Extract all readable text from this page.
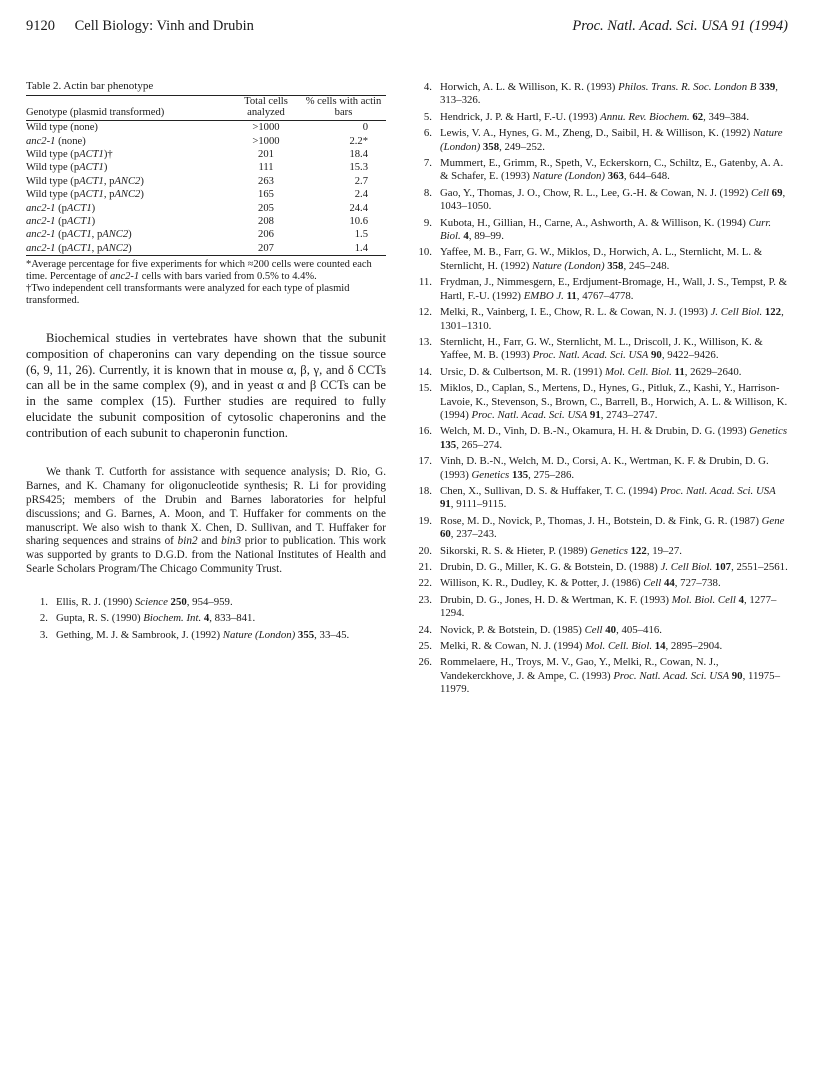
9120 Cell Biology: Vinh and Drubin	Proc. Natl. Acad. Sci. USA 91 (1994)
Table 2. Actin bar phenotype
Genotype (plasmid transformed)	Total cells analyzed	% cells with actin bars
Wild type (none)	>1000	0
anc2-1 (none)	>1000	2.2*
Wild type (pACT1)†	201	18.4
Wild type (pACT1)	111	15.3
Wild type (pACT1, pANC2)	263	2.7
Wild type (pACT1, pANC2)	165	2.4
anc2-1 (pACT1)	205	24.4
anc2-1 (pACT1)	208	10.6
anc2-1 (pACT1, pANC2)	206	1.5
anc2-1 (pACT1, pANC2)	207	1.4

*Average percentage for five experiments for which ≈200 cells were counted each time. Percentage of anc2-1 cells with bars varied from 0.5% to 4.4%.

†Two independent cell transformants were analyzed for each type of plasmid transformed.

Biochemical studies in vertebrates have shown that the subunit composition of chaperonins can vary depending on the tissue source (6, 9, 11, 26). Currently, it is known that in mouse α, β, γ, and δ CCTs can all be in the same complex (9), and in yeast α and β CCTs can be in the same complex (15). Further studies are required to fully elucidate the subunit composition of cytosolic chaperonins and the contribution of each subunit to chaperonin function.

We thank T. Cutforth for assistance with sequence analysis; D. Rio, G. Barnes, and K. Chamany for oligonucleotide synthesis; R. Li for providing pRS425; members of the Drubin and Barnes laboratories for helpful discussions; and G. Barnes, A. Moon, and T. Huffaker for comments on the manuscript. We also wish to thank X. Chen, D. Sullivan, and T. Huffaker for sharing sequences and strains of bin2 and bin3 prior to publication. This work was supported by grants to D.G.D. from the National Institutes of Health and Searle Scholars Program/The Chicago Community Trust.

1. Ellis, R. J. (1990) Science 250, 954–959.
2. Gupta, R. S. (1990) Biochem. Int. 4, 833–841.
3. Gething, M. J. & Sambrook, J. (1992) Nature (London) 355, 33–45.
4. Horwich, A. L. & Willison, K. R. (1993) Philos. Trans. R. Soc. London B 339, 313–326.
5. Hendrick, J. P. & Hartl, F.-U. (1993) Annu. Rev. Biochem. 62, 349–384.
6. Lewis, V. A., Hynes, G. M., Zheng, D., Saibil, H. & Willison, K. (1992) Nature (London) 358, 249–252.
7. Mummert, E., Grimm, R., Speth, V., Eckerskorn, C., Schiltz, E., Gatenby, A. A. & Schafer, E. (1993) Nature (London) 363, 644–648.
8. Gao, Y., Thomas, J. O., Chow, R. L., Lee, G.-H. & Cowan, N. J. (1992) Cell 69, 1043–1050.
9. Kubota, H., Gillian, H., Carne, A., Ashworth, A. & Willison, K. (1994) Curr. Biol. 4, 89–99.
10. Yaffee, M. B., Farr, G. W., Miklos, D., Horwich, A. L., Sternlicht, M. L. & Sternlicht, H. (1992) Nature (London) 358, 245–248.
11. Frydman, J., Nimmesgern, E., Erdjument-Bromage, H., Wall, J. S., Tempst, P. & Hartl, F.-U. (1992) EMBO J. 11, 4767–4778.
12. Melki, R., Vainberg, I. E., Chow, R. L. & Cowan, N. J. (1993) J. Cell Biol. 122, 1301–1310.
13. Sternlicht, H., Farr, G. W., Sternlicht, M. L., Driscoll, J. K., Willison, K. & Yaffee, M. B. (1993) Proc. Natl. Acad. Sci. USA 90, 9422–9426.
14. Ursic, D. & Culbertson, M. R. (1991) Mol. Cell. Biol. 11, 2629–2640.
15. Miklos, D., Caplan, S., Mertens, D., Hynes, G., Pitluk, Z., Kashi, Y., Harrison-Lavoie, K., Stevenson, S., Brown, C., Barrell, B., Horwich, A. L. & Willison, K. (1994) Proc. Natl. Acad. Sci. USA 91, 2743–2747.
16. Welch, M. D., Vinh, D. B.-N., Okamura, H. H. & Drubin, D. G. (1993) Genetics 135, 265–274.
17. Vinh, D. B.-N., Welch, M. D., Corsi, A. K., Wertman, K. F. & Drubin, D. G. (1993) Genetics 135, 275–286.
18. Chen, X., Sullivan, D. S. & Huffaker, T. C. (1994) Proc. Natl. Acad. Sci. USA 91, 9111–9115.
19. Rose, M. D., Novick, P., Thomas, J. H., Botstein, D. & Fink, G. R. (1987) Gene 60, 237–243.
20. Sikorski, R. S. & Hieter, P. (1989) Genetics 122, 19–27.
21. Drubin, D. G., Miller, K. G. & Botstein, D. (1988) J. Cell Biol. 107, 2551–2561.
22. Willison, K. R., Dudley, K. & Potter, J. (1986) Cell 44, 727–738.
23. Drubin, D. G., Jones, H. D. & Wertman, K. F. (1993) Mol. Biol. Cell 4, 1277–1294.
24. Novick, P. & Botstein, D. (1985) Cell 40, 405–416.
25. Melki, R. & Cowan, N. J. (1994) Mol. Cell. Biol. 14, 2895–2904.
26. Rommelaere, H., Troys, M. V., Gao, Y., Melki, R., Cowan, N. J., Vandekerckhove, J. & Ampe, C. (1993) Proc. Natl. Acad. Sci. USA 90, 11975–11979.
